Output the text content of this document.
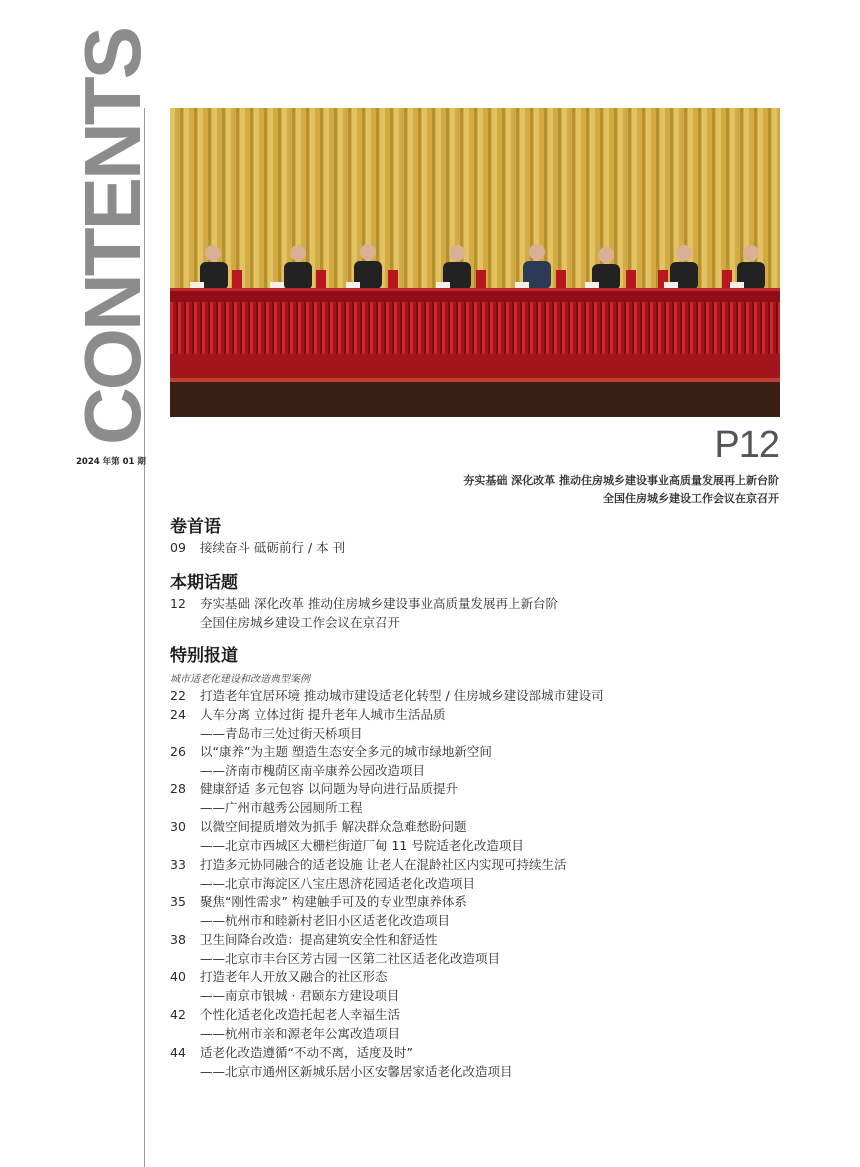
CONTENTS
2024 年第 01 期	P12
夯实基础 深化改革 推动住房城乡建设事业高质量发展再上新台阶
全国住房城乡建设工作会议在京召开
卷首语
09 接续奋斗 砥砺前行 / 本 刊
本期话题
12 夯实基础 深化改革 推动住房城乡建设事业高质量发展再上新台阶
全国住房城乡建设工作会议在京召开
特别报道
城市适老化建设和改造典型案例
22 打造老年宜居环境 推动城市建设适老化转型 / 住房城乡建设部城市建设司
24 人车分离 立体过街 提升老年人城市生活品质
——青岛市三处过街天桥项目
26 以“康养”为主题 塑造生态安全多元的城市绿地新空间
——济南市槐荫区南辛康养公园改造项目
28 健康舒适 多元包容 以问题为导向进行品质提升
——广州市越秀公园厕所工程
30 以微空间提质增效为抓手 解决群众急难愁盼问题
——北京市西城区大栅栏街道厂甸 11 号院适老化改造项目
33 打造多元协同融合的适老设施 让老人在混龄社区内实现可持续生活
——北京市海淀区八宝庄恩济花园适老化改造项目
35 聚焦“刚性需求” 构建触手可及的专业型康养体系
——杭州市和睦新村老旧小区适老化改造项目
38 卫生间降台改造：提高建筑安全性和舒适性
——北京市丰台区芳古园一区第二社区适老化改造项目
40 打造老年人开放又融合的社区形态
——南京市银城 · 君颐东方建设项目
42 个性化适老化改造托起老人幸福生活
——杭州市亲和源老年公寓改造项目
44 适老化改造遵循“不动不离，适度及时”
——北京市通州区新城乐居小区安馨居家适老化改造项目
